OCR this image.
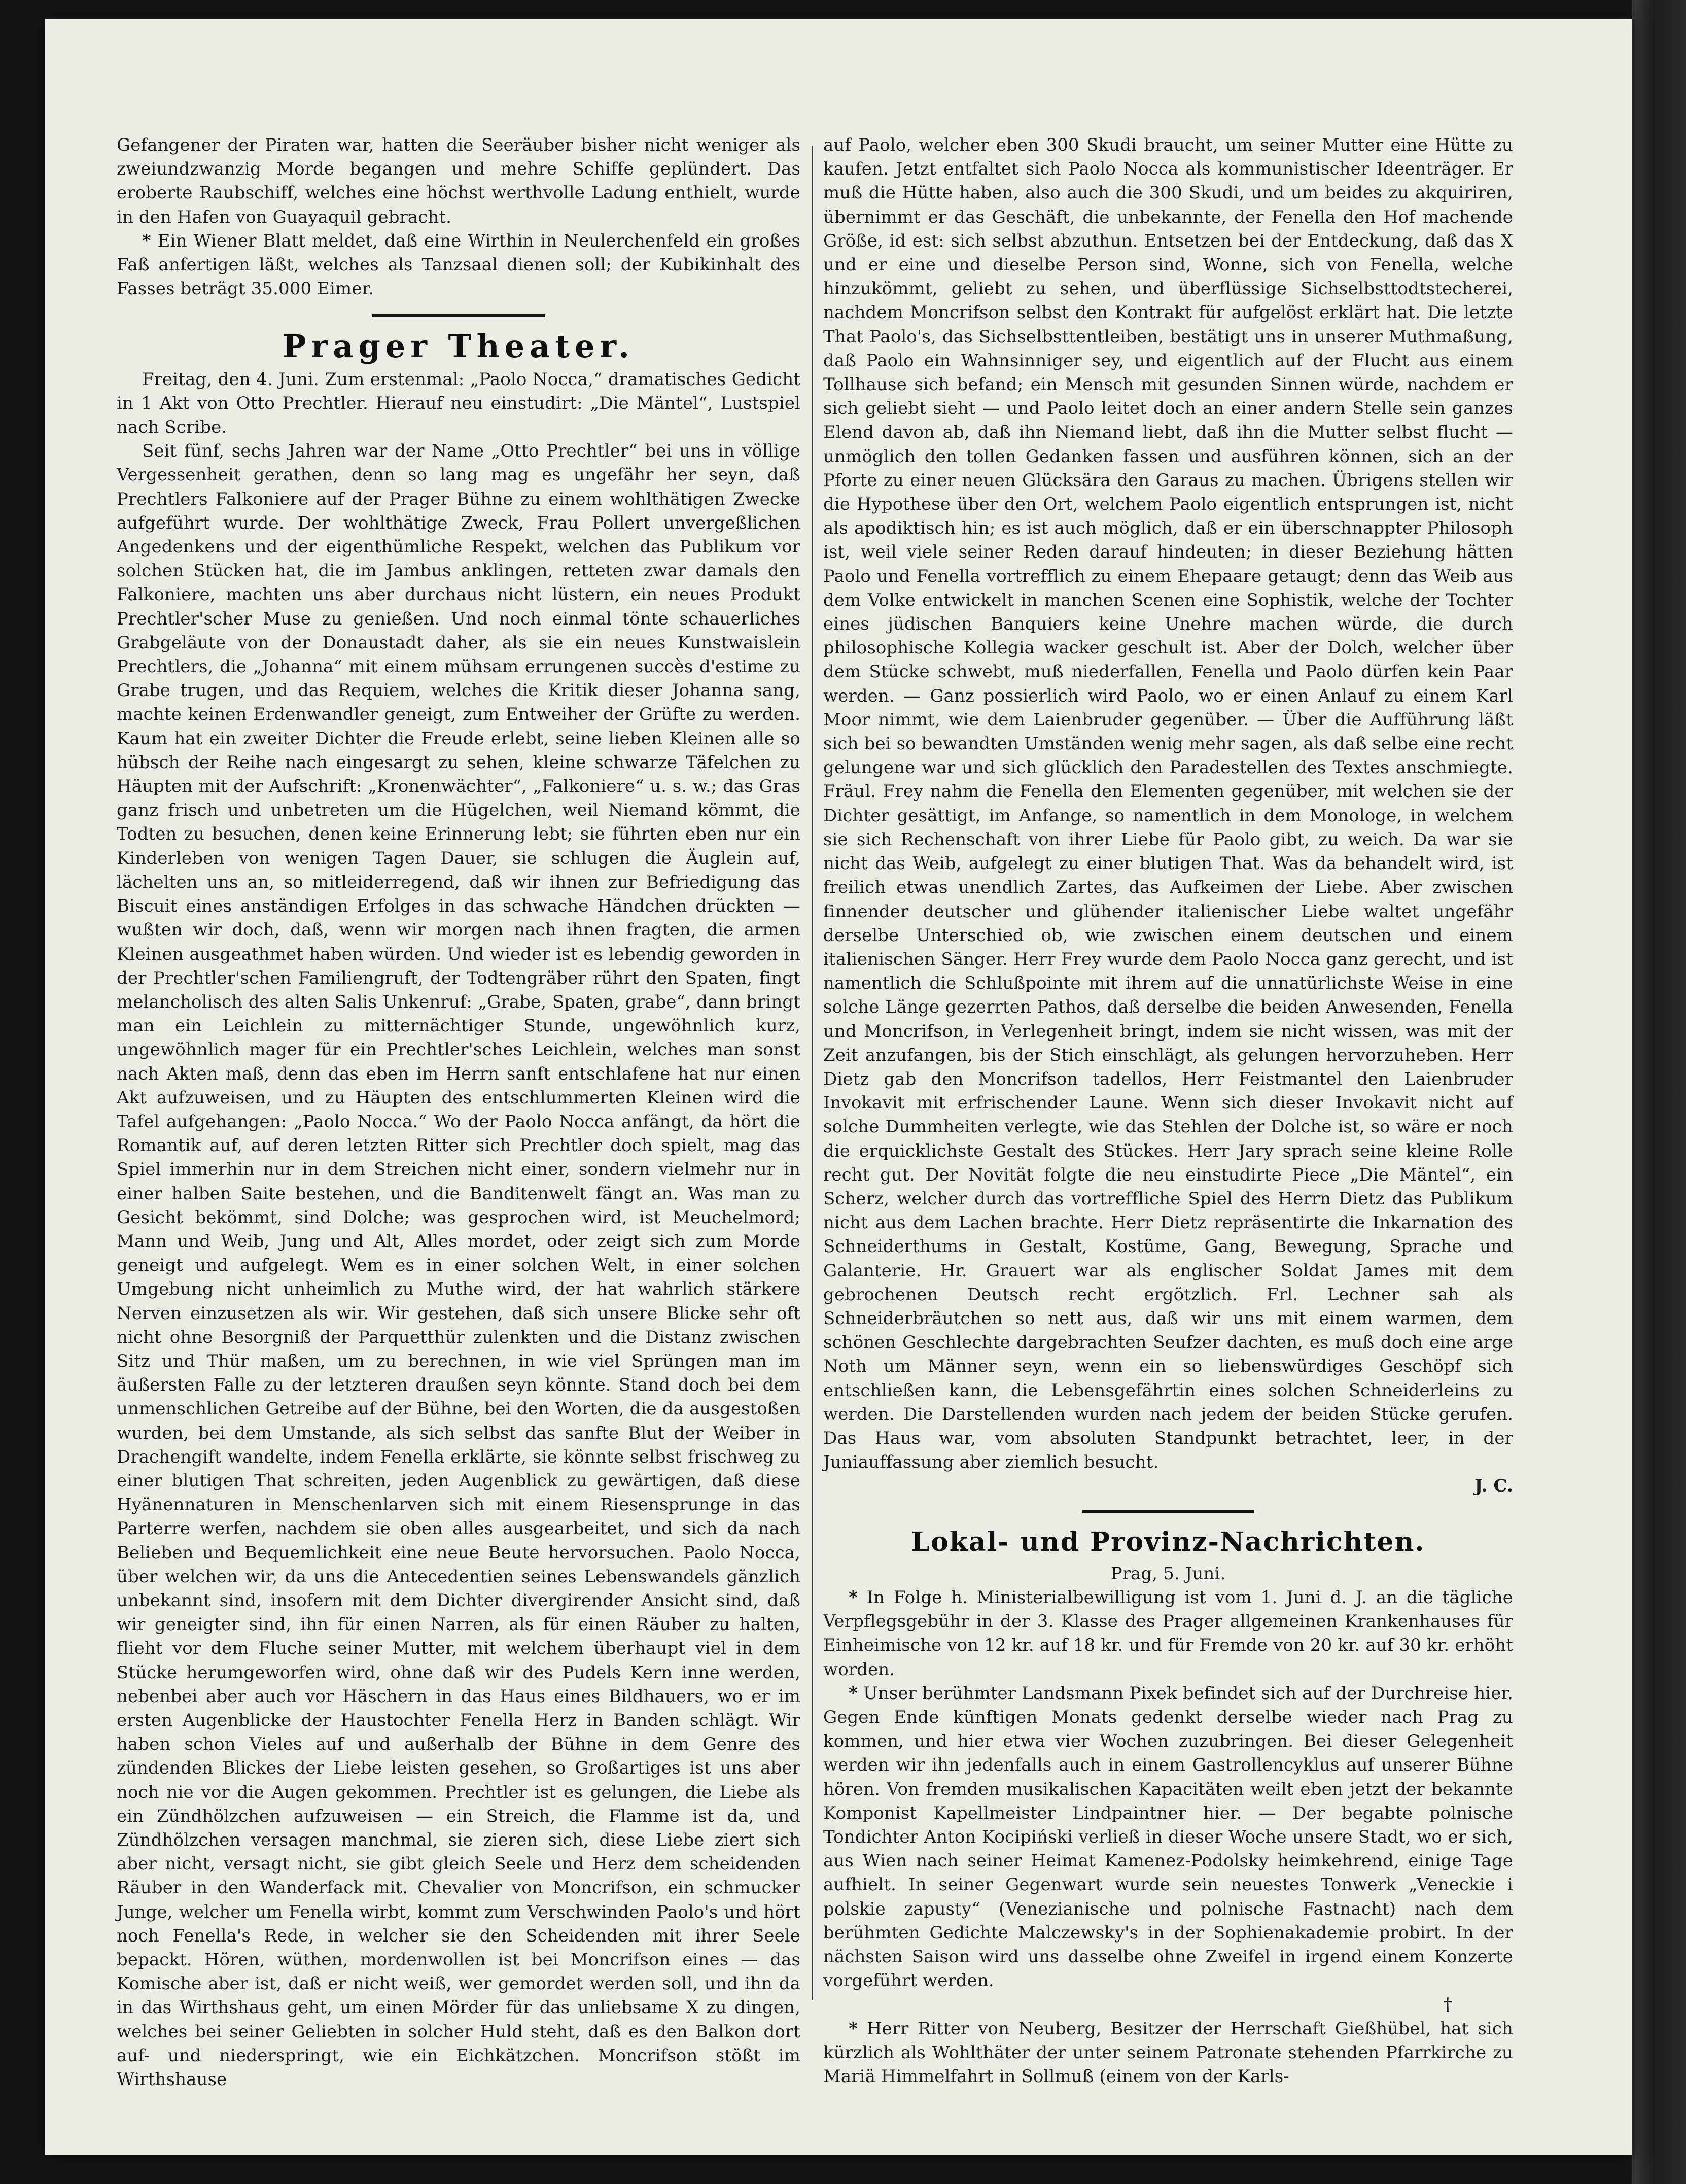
Gefangener der Piraten war, hatten die Seeräuber bisher nicht weniger als zweiundzwanzig Morde begangen und mehre Schiffe geplündert. Das eroberte Raubschiff, welches eine höchst werthvolle Ladung enthielt, wurde in den Hafen von Guayaquil gebracht.

* Ein Wiener Blatt meldet, daß eine Wirthin in Neulerchenfeld ein großes Faß anfertigen läßt, welches als Tanzsaal dienen soll; der Kubikinhalt des Fasses beträgt 35.000 Eimer.

Prager Theater.

Freitag, den 4. Juni. Zum erstenmal: „Paolo Nocca,“ dramatisches Gedicht in 1 Akt von Otto Prechtler. Hierauf neu einstudirt: „Die Mäntel“, Lustspiel nach Scribe.

Seit fünf, sechs Jahren war der Name „Otto Prechtler“ bei uns in völlige Vergessenheit gerathen, denn so lang mag es ungefähr her seyn, daß Prechtlers Falkoniere auf der Prager Bühne zu einem wohlthätigen Zwecke aufgeführt wurde. Der wohlthätige Zweck, Frau Pollert unvergeßlichen Angedenkens und der eigenthümliche Respekt, welchen das Publikum vor solchen Stücken hat, die im Jambus anklingen, retteten zwar damals den Falkoniere, machten uns aber durchaus nicht lüstern, ein neues Produkt Prechtler'scher Muse zu genießen. Und noch einmal tönte schauerliches Grabgeläute von der Donaustadt daher, als sie ein neues Kunstwaislein Prechtlers, die „Johanna“ mit einem mühsam errungenen succès d'estime zu Grabe trugen, und das Requiem, welches die Kritik dieser Johanna sang, machte keinen Erdenwandler geneigt, zum Entweiher der Grüfte zu werden. Kaum hat ein zweiter Dichter die Freude erlebt, seine lieben Kleinen alle so hübsch der Reihe nach eingesargt zu sehen, kleine schwarze Täfelchen zu Häupten mit der Aufschrift: „Kronenwächter“, „Falkoniere“ u. s. w.; das Gras ganz frisch und unbetreten um die Hügelchen, weil Niemand kömmt, die Todten zu besuchen, denen keine Erinnerung lebt; sie führten eben nur ein Kinderleben von wenigen Tagen Dauer, sie schlugen die Äuglein auf, lächelten uns an, so mitleiderregend, daß wir ihnen zur Befriedigung das Biscuit eines anständigen Erfolges in das schwache Händchen drückten — wußten wir doch, daß, wenn wir morgen nach ihnen fragten, die armen Kleinen ausgeathmet haben würden. Und wieder ist es lebendig geworden in der Prechtler'schen Familiengruft, der Todtengräber rührt den Spaten, fingt melancholisch des alten Salis Unkenruf: „Grabe, Spaten, grabe“, dann bringt man ein Leichlein zu mitternächtiger Stunde, ungewöhnlich kurz, ungewöhnlich mager für ein Prechtler'sches Leichlein, welches man sonst nach Akten maß, denn das eben im Herrn sanft entschlafene hat nur einen Akt aufzuweisen, und zu Häupten des entschlummerten Kleinen wird die Tafel aufgehangen: „Paolo Nocca.“ Wo der Paolo Nocca anfängt, da hört die Romantik auf, auf deren letzten Ritter sich Prechtler doch spielt, mag das Spiel immerhin nur in dem Streichen nicht einer, sondern vielmehr nur in einer halben Saite bestehen, und die Banditenwelt fängt an. Was man zu Gesicht bekömmt, sind Dolche; was gesprochen wird, ist Meuchelmord; Mann und Weib, Jung und Alt, Alles mordet, oder zeigt sich zum Morde geneigt und aufgelegt. Wem es in einer solchen Welt, in einer solchen Umgebung nicht unheimlich zu Muthe wird, der hat wahrlich stärkere Nerven einzusetzen als wir. Wir gestehen, daß sich unsere Blicke sehr oft nicht ohne Besorgniß der Parquetthür zulenkten und die Distanz zwischen Sitz und Thür maßen, um zu berechnen, in wie viel Sprüngen man im äußersten Falle zu der letzteren draußen seyn könnte. Stand doch bei dem unmenschlichen Getreibe auf der Bühne, bei den Worten, die da ausgestoßen wurden, bei dem Umstande, als sich selbst das sanfte Blut der Weiber in Drachengift wandelte, indem Fenella erklärte, sie könnte selbst frischweg zu einer blutigen That schreiten, jeden Augenblick zu gewärtigen, daß diese Hyänennaturen in Menschenlarven sich mit einem Riesensprunge in das Parterre werfen, nachdem sie oben alles ausgearbeitet, und sich da nach Belieben und Bequemlichkeit eine neue Beute hervorsuchen. Paolo Nocca, über welchen wir, da uns die Antecedentien seines Lebenswandels gänzlich unbekannt sind, insofern mit dem Dichter divergirender Ansicht sind, daß wir geneigter sind, ihn für einen Narren, als für einen Räuber zu halten, flieht vor dem Fluche seiner Mutter, mit welchem überhaupt viel in dem Stücke herumgeworfen wird, ohne daß wir des Pudels Kern inne werden, nebenbei aber auch vor Häschern in das Haus eines Bildhauers, wo er im ersten Augenblicke der Haustochter Fenella Herz in Banden schlägt. Wir haben schon Vieles auf und außerhalb der Bühne in dem Genre des zündenden Blickes der Liebe leisten gesehen, so Großartiges ist uns aber noch nie vor die Augen gekommen. Prechtler ist es gelungen, die Liebe als ein Zündhölzchen aufzuweisen — ein Streich, die Flamme ist da, und Zündhölzchen versagen manchmal, sie zieren sich, diese Liebe ziert sich aber nicht, versagt nicht, sie gibt gleich Seele und Herz dem scheidenden Räuber in den Wanderfack mit. Chevalier von Moncrifson, ein schmucker Junge, welcher um Fenella wirbt, kommt zum Verschwinden Paolo's und hört noch Fenella's Rede, in welcher sie den Scheidenden mit ihrer Seele bepackt. Hören, wüthen, mordenwollen ist bei Moncrifson eines — das Komische aber ist, daß er nicht weiß, wer gemordet werden soll, und ihn da in das Wirthshaus geht, um einen Mörder für das unliebsame X zu dingen, welches bei seiner Geliebten in solcher Huld steht, daß es den Balkon dort auf- und niederspringt, wie ein Eichkätzchen. Moncrifson stößt im Wirthshause

auf Paolo, welcher eben 300 Skudi braucht, um seiner Mutter eine Hütte zu kaufen. Jetzt entfaltet sich Paolo Nocca als kommunistischer Ideenträger. Er muß die Hütte haben, also auch die 300 Skudi, und um beides zu akquiriren, übernimmt er das Geschäft, die unbekannte, der Fenella den Hof machende Größe, id est: sich selbst abzuthun. Entsetzen bei der Entdeckung, daß das X und er eine und dieselbe Person sind, Wonne, sich von Fenella, welche hinzukömmt, geliebt zu sehen, und überflüssige Sichselbsttodtstecherei, nachdem Moncrifson selbst den Kontrakt für aufgelöst erklärt hat. Die letzte That Paolo's, das Sichselbsttentleiben, bestätigt uns in unserer Muthmaßung, daß Paolo ein Wahnsinniger sey, und eigentlich auf der Flucht aus einem Tollhause sich befand; ein Mensch mit gesunden Sinnen würde, nachdem er sich geliebt sieht — und Paolo leitet doch an einer andern Stelle sein ganzes Elend davon ab, daß ihn Niemand liebt, daß ihn die Mutter selbst flucht — unmöglich den tollen Gedanken fassen und ausführen können, sich an der Pforte zu einer neuen Glücksära den Garaus zu machen. Übrigens stellen wir die Hypothese über den Ort, welchem Paolo eigentlich entsprungen ist, nicht als apodiktisch hin; es ist auch möglich, daß er ein überschnappter Philosoph ist, weil viele seiner Reden darauf hindeuten; in dieser Beziehung hätten Paolo und Fenella vortrefflich zu einem Ehepaare getaugt; denn das Weib aus dem Volke entwickelt in manchen Scenen eine Sophistik, welche der Tochter eines jüdischen Banquiers keine Unehre machen würde, die durch philosophische Kollegia wacker geschult ist. Aber der Dolch, welcher über dem Stücke schwebt, muß niederfallen, Fenella und Paolo dürfen kein Paar werden. — Ganz possierlich wird Paolo, wo er einen Anlauf zu einem Karl Moor nimmt, wie dem Laienbruder gegenüber. — Über die Aufführung läßt sich bei so bewandten Umständen wenig mehr sagen, als daß selbe eine recht gelungene war und sich glücklich den Paradestellen des Textes anschmiegte. Fräul. Frey nahm die Fenella den Elementen gegenüber, mit welchen sie der Dichter gesättigt, im Anfange, so namentlich in dem Monologe, in welchem sie sich Rechenschaft von ihrer Liebe für Paolo gibt, zu weich. Da war sie nicht das Weib, aufgelegt zu einer blutigen That. Was da behandelt wird, ist freilich etwas unendlich Zartes, das Aufkeimen der Liebe. Aber zwischen finnender deutscher und glühender italienischer Liebe waltet ungefähr derselbe Unterschied ob, wie zwischen einem deutschen und einem italienischen Sänger. Herr Frey wurde dem Paolo Nocca ganz gerecht, und ist namentlich die Schlußpointe mit ihrem auf die unnatürlichste Weise in eine solche Länge gezerrten Pathos, daß derselbe die beiden Anwesenden, Fenella und Moncrifson, in Verlegenheit bringt, indem sie nicht wissen, was mit der Zeit anzufangen, bis der Stich einschlägt, als gelungen hervorzuheben. Herr Dietz gab den Moncrifson tadellos, Herr Feistmantel den Laienbruder Invokavit mit erfrischender Laune. Wenn sich dieser Invokavit nicht auf solche Dummheiten verlegte, wie das Stehlen der Dolche ist, so wäre er noch die erquicklichste Gestalt des Stückes. Herr Jary sprach seine kleine Rolle recht gut. Der Novität folgte die neu einstudirte Piece „Die Mäntel“, ein Scherz, welcher durch das vortreffliche Spiel des Herrn Dietz das Publikum nicht aus dem Lachen brachte. Herr Dietz repräsentirte die Inkarnation des Schneiderthums in Gestalt, Kostüme, Gang, Bewegung, Sprache und Galanterie. Hr. Grauert war als englischer Soldat James mit dem gebrochenen Deutsch recht ergötzlich. Frl. Lechner sah als Schneiderbräutchen so nett aus, daß wir uns mit einem warmen, dem schönen Geschlechte dargebrachten Seufzer dachten, es muß doch eine arge Noth um Männer seyn, wenn ein so liebenswürdiges Geschöpf sich entschließen kann, die Lebensgefährtin eines solchen Schneiderleins zu werden. Die Darstellenden wurden nach jedem der beiden Stücke gerufen. Das Haus war, vom absoluten Standpunkt betrachtet, leer, in der Juniauffassung aber ziemlich besucht.

J. C.

Lokal- und Provinz-Nachrichten.

Prag, 5. Juni.

* In Folge h. Ministerialbewilligung ist vom 1. Juni d. J. an die tägliche Verpflegsgebühr in der 3. Klasse des Prager allgemeinen Krankenhauses für Einheimische von 12 kr. auf 18 kr. und für Fremde von 20 kr. auf 30 kr. erhöht worden.

* Unser berühmter Landsmann Pixek befindet sich auf der Durchreise hier. Gegen Ende künftigen Monats gedenkt derselbe wieder nach Prag zu kommen, und hier etwa vier Wochen zuzubringen. Bei dieser Gelegenheit werden wir ihn jedenfalls auch in einem Gastrollencyklus auf unserer Bühne hören. Von fremden musikalischen Kapacitäten weilt eben jetzt der bekannte Komponist Kapellmeister Lindpaintner hier. — Der begabte polnische Tondichter Anton Kocipiński verließ in dieser Woche unsere Stadt, wo er sich, aus Wien nach seiner Heimat Kamenez-Podolsky heimkehrend, einige Tage aufhielt. In seiner Gegenwart wurde sein neuestes Tonwerk „Veneckie i polskie zapusty“ (Venezianische und polnische Fastnacht) nach dem berühmten Gedichte Malczewsky's in der Sophienakademie probirt. In der nächsten Saison wird uns dasselbe ohne Zweifel in irgend einem Konzerte vorgeführt werden.

†

* Herr Ritter von Neuberg, Besitzer der Herrschaft Gießhübel, hat sich kürzlich als Wohlthäter der unter seinem Patronate stehenden Pfarrkirche zu Mariä Himmelfahrt in Sollmuß (einem von der Karls-
